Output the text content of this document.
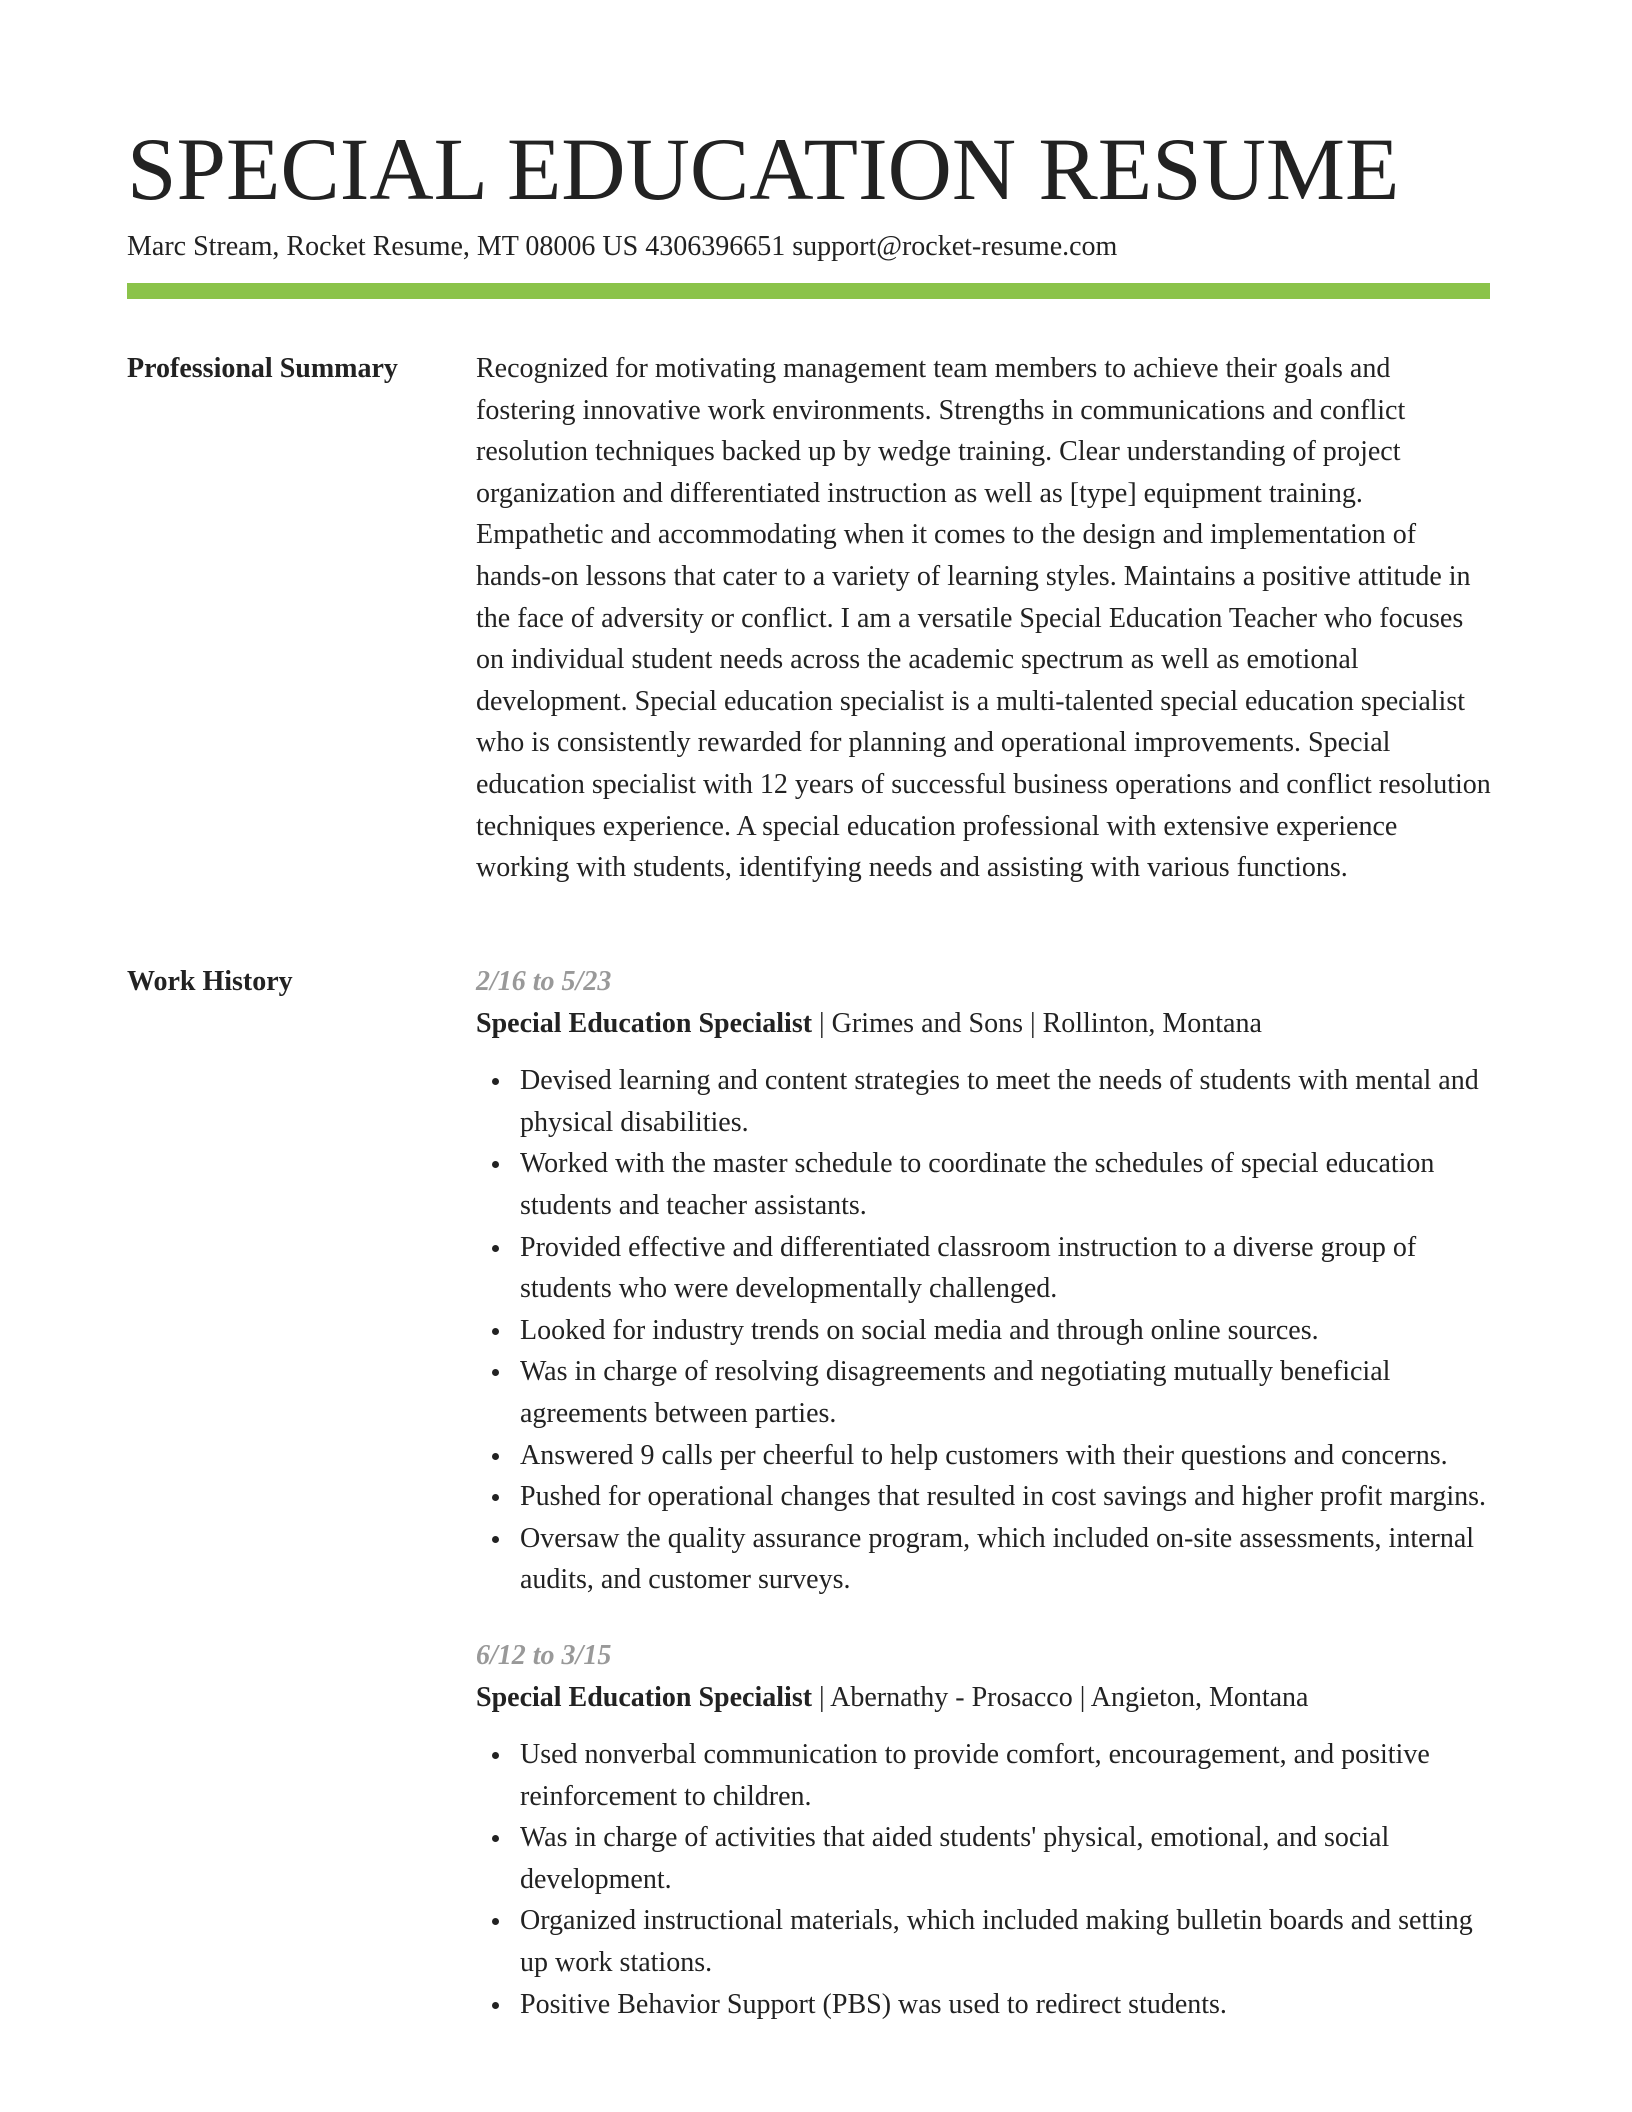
SPECIAL EDUCATION RESUME
Marc Stream, Rocket Resume, MT 08006 US 4306396651 support@rocket-resume.com
Professional Summary	Recognized for motivating management team members to achieve their goals and fostering innovative work environments. Strengths in communications and conflict resolution techniques backed up by wedge training. Clear understanding of project organization and differentiated instruction as well as [type] equipment training. Empathetic and accommodating when it comes to the design and implementation of hands-on lessons that cater to a variety of learning styles. Maintains a positive attitude in the face of adversity or conflict. I am a versatile Special Education Teacher who focuses on individual student needs across the academic spectrum as well as emotional development. Special education specialist is a multi-talented special education specialist who is consistently rewarded for planning and operational improvements. Special education specialist with 12 years of successful business operations and conflict resolution techniques experience. A special education professional with extensive experience working with students, identifying needs and assisting with various functions.

Work History	2/16 to 5/23
Special Education Specialist | Grimes and Sons | Rollinton, Montana
Devised learning and content strategies to meet the needs of students with mental and physical disabilities.
Worked with the master schedule to coordinate the schedules of special education students and teacher assistants.
Provided effective and differentiated classroom instruction to a diverse group of students who were developmentally challenged.
Looked for industry trends on social media and through online sources.
Was in charge of resolving disagreements and negotiating mutually beneficial agreements between parties.
Answered 9 calls per cheerful to help customers with their questions and concerns.
Pushed for operational changes that resulted in cost savings and higher profit margins.
Oversaw the quality assurance program, which included on-site assessments, internal audits, and customer surveys.
6/12 to 3/15
Special Education Specialist | Abernathy - Prosacco | Angieton, Montana
Used nonverbal communication to provide comfort, encouragement, and positive reinforcement to children.
Was in charge of activities that aided students' physical, emotional, and social development.
Organized instructional materials, which included making bulletin boards and setting up work stations.
Positive Behavior Support (PBS) was used to redirect students.
